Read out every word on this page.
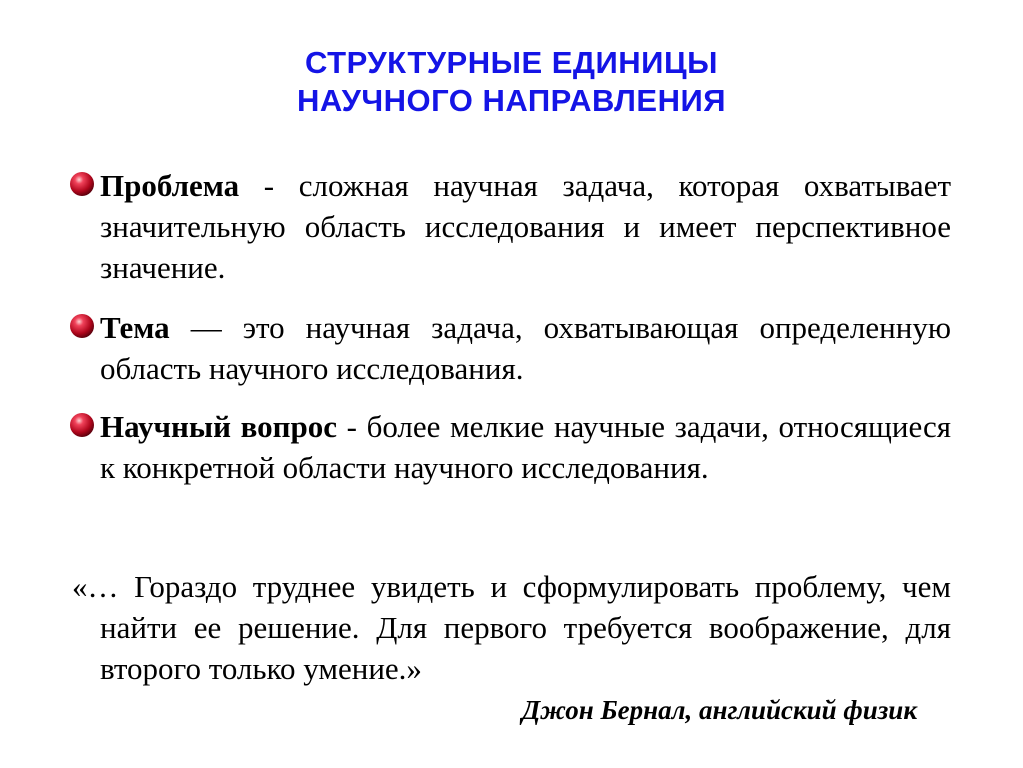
СТРУКТУРНЫЕ ЕДИНИЦЫ
НАУЧНОГО НАПРАВЛЕНИЯ
Проблема - сложная научная задача, которая охватывает значительную область исследования и имеет перспективное значение.
Тема — это научная задача, охватывающая определенную область научного исследования.
Научный вопрос - более мелкие научные задачи, относящиеся к конкретной области научного исследования.
«… Гораздо труднее увидеть и сформулировать проблему, чем найти ее решение. Для первого требуется воображение, для второго только умение.»
Джон Бернал, английский физик
